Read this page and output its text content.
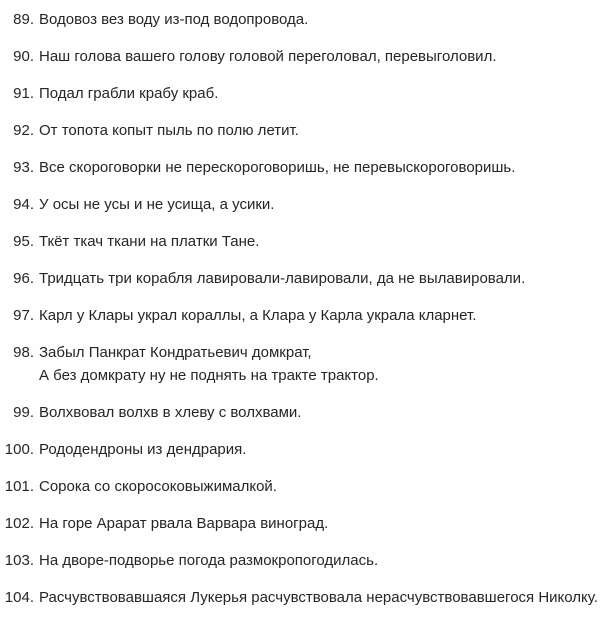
89. Водовоз вез воду из-под водопровода.
90. Наш голова вашего голову головой переголовал, перевыголовил.
91. Подал грабли крабу краб.
92. От топота копыт пыль по полю летит.
93. Все скороговорки не перескороговоришь, не перевыскороговоришь.
94. У осы не усы и не усища, а усики.
95. Ткёт ткач ткани на платки Тане.
96. Тридцать три корабля лавировали-лавировали, да не вылавировали.
97. Карл у Клары украл кораллы, а Клара у Карла украла кларнет.
98. Забыл Панкрат Кондратьевич домкрат,
А без домкрату ну не поднять на тракте трактор.
99. Волхвовал волхв в хлеву с волхвами.
100. Рододендроны из дендрария.
101. Сорока со скоросоковыжималкой.
102. На горе Арарат рвала Варвара виноград.
103. На дворе-подворье погода размокропогодилась.
104. Расчувствовавшаяся Лукерья расчувствовала нерасчувствовавшегося Николку.
